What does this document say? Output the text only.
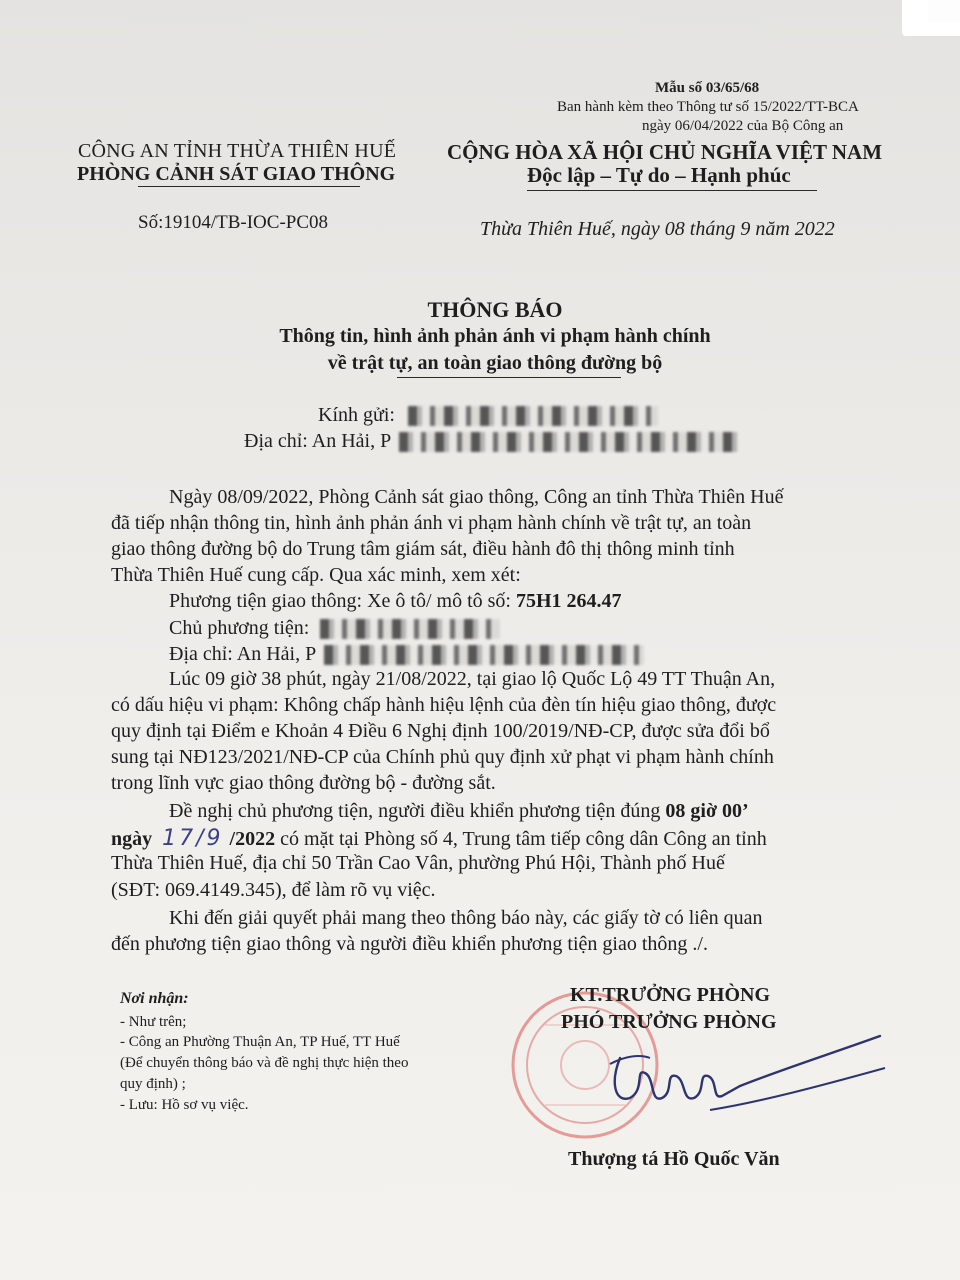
Mẫu số 03/65/68
Ban hành kèm theo Thông tư số 15/2022/TT-BCA
ngày 06/04/2022 của Bộ Công an
CÔNG AN TỈNH THỪA THIÊN HUẾ
PHÒNG CẢNH SÁT GIAO THÔNG
Số:19104/TB-IOC-PC08
CỘNG HÒA XÃ HỘI CHỦ NGHĨA VIỆT NAM
Độc lập – Tự do – Hạnh phúc
Thừa Thiên Huế, ngày 08 tháng 9 năm 2022
THÔNG BÁO
Thông tin, hình ảnh phản ánh vi phạm hành chính
về trật tự, an toàn giao thông đường bộ
Kính gửi:
Địa chỉ: An Hải, P
Ngày 08/09/2022, Phòng Cảnh sát giao thông, Công an tỉnh Thừa Thiên Huế
đã tiếp nhận thông tin, hình ảnh phản ánh vi phạm hành chính về trật tự, an toàn
giao thông đường bộ do Trung tâm giám sát, điều hành đô thị thông minh tỉnh
Thừa Thiên Huế cung cấp. Qua xác minh, xem xét:
Phương tiện giao thông: Xe ô tô/ mô tô số: 75H1 264.47
Chủ phương tiện:
Địa chỉ: An Hải, P
Lúc 09 giờ 38 phút, ngày 21/08/2022, tại giao lộ Quốc Lộ 49 TT Thuận An,
có dấu hiệu vi phạm: Không chấp hành hiệu lệnh của đèn tín hiệu giao thông, được
quy định tại Điểm e Khoản 4 Điều 6 Nghị định 100/2019/NĐ-CP, được sửa đổi bổ
sung tại NĐ123/2021/NĐ-CP của Chính phủ quy định xử phạt vi phạm hành chính
trong lĩnh vực giao thông đường bộ - đường sắt.
Đề nghị chủ phương tiện, người điều khiển phương tiện đúng 08 giờ 00’
ngày 17/9 /2022 có mặt tại Phòng số 4, Trung tâm tiếp công dân Công an tỉnh
Thừa Thiên Huế, địa chỉ 50 Trần Cao Vân, phường Phú Hội, Thành phố Huế
(SĐT: 069.4149.345), để làm rõ vụ việc.
Khi đến giải quyết phải mang theo thông báo này, các giấy tờ có liên quan
đến phương tiện giao thông và người điều khiển phương tiện giao thông ./.
Nơi nhận:
- Như trên;
- Công an Phường Thuận An, TP Huế, TT Huế
(Để chuyển thông báo và đề nghị thực hiện theo
quy định) ;
- Lưu: Hồ sơ vụ việc.
KT.TRƯỞNG PHÒNG
PHÓ TRƯỞNG PHÒNG
Thượng tá Hồ Quốc Văn
